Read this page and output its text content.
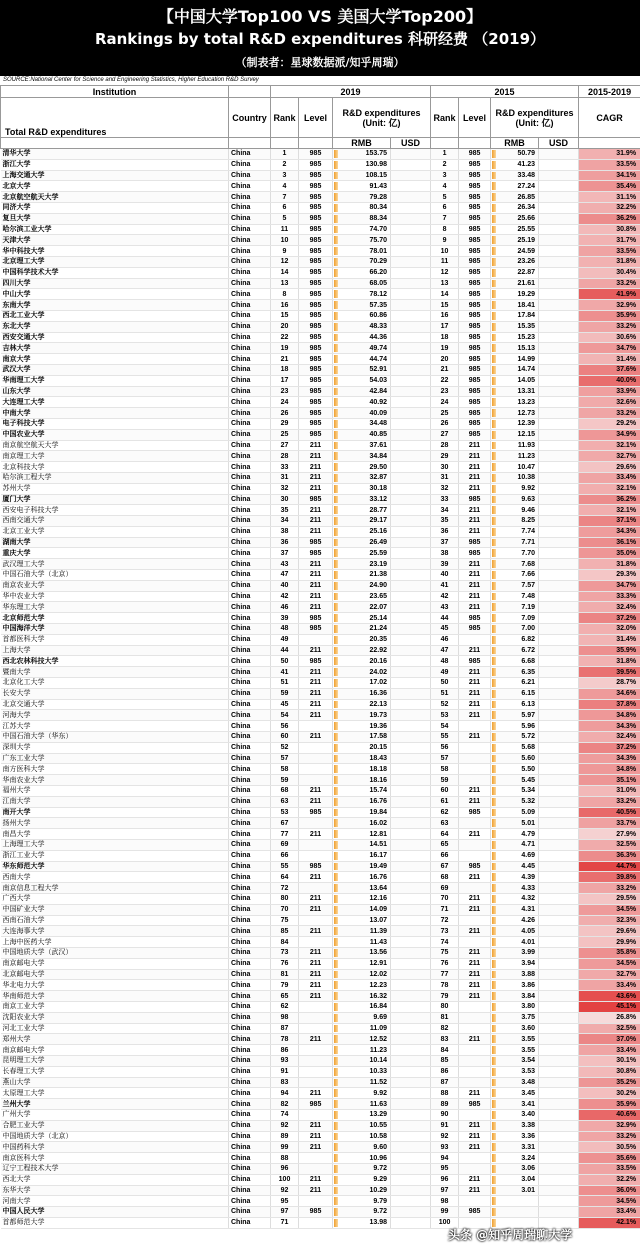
【中国大学Top100 VS 美国大学Top200】
Rankings by total R&D expenditures 科研经费 （2019）
（制表者：星球数据派/知乎周瑞）
SOURCE:National Center for Science and Engineering Statistics, Higher Education R&D Survey
Institution		2019				2015				2015-2019
Total R&D expenditures	Country	Rank	Level	R&D expenditures (Unit: 亿)		Rank	Level	R&D expenditures (Unit: 亿)		CAGR
				RMB	USD			RMB	USD	
清华大学	China	1	985	153.75		1	985	50.79		31.9%
浙江大学	China	2	985	130.98		2	985	41.23		33.5%
上海交通大学	China	3	985	108.15		3	985	33.48		34.1%
北京大学	China	4	985	91.43		4	985	27.24		35.4%
北京航空航天大学	China	7	985	79.28		5	985	26.85		31.1%
同济大学	China	6	985	80.34		6	985	26.34		32.2%
复旦大学	China	5	985	88.34		7	985	25.66		36.2%
哈尔滨工业大学	China	11	985	74.70		8	985	25.55		30.8%
天津大学	China	10	985	75.70		9	985	25.19		31.7%
华中科技大学	China	9	985	78.01		10	985	24.59		33.5%
北京理工大学	China	12	985	70.29		11	985	23.26		31.8%
中国科学技术大学	China	14	985	66.20		12	985	22.87		30.4%
四川大学	China	13	985	68.05		13	985	21.61		33.2%
中山大学	China	8	985	78.12		14	985	19.29		41.9%
东南大学	China	16	985	57.35		15	985	18.41		32.9%
西北工业大学	China	15	985	60.86		16	985	17.84		35.9%
东北大学	China	20	985	48.33		17	985	15.35		33.2%
西安交通大学	China	22	985	44.36		18	985	15.23		30.6%
吉林大学	China	19	985	49.74		19	985	15.13		34.7%
南京大学	China	21	985	44.74		20	985	14.99		31.4%
武汉大学	China	18	985	52.91		21	985	14.74		37.6%
华南理工大学	China	17	985	54.03		22	985	14.05		40.0%
山东大学	China	23	985	42.84		23	985	13.31		33.9%
大连理工大学	China	24	985	40.92		24	985	13.23		32.6%
中南大学	China	26	985	40.09		25	985	12.73		33.2%
电子科技大学	China	29	985	34.48		26	985	12.39		29.2%
中国农业大学	China	25	985	40.85		27	985	12.15		34.9%
南京航空航天大学	China	27	211	37.61		28	211	11.93		32.1%
南京理工大学	China	28	211	34.84		29	211	11.23		32.7%
北京科技大学	China	33	211	29.50		30	211	10.47		29.6%
哈尔滨工程大学	China	31	211	32.87		31	211	10.38		33.4%
苏州大学	China	32	211	30.18		32	211	9.92		32.1%
厦门大学	China	30	985	33.12		33	985	9.63		36.2%
西安电子科技大学	China	35	211	28.77		34	211	9.46		32.1%
西南交通大学	China	34	211	29.17		35	211	8.25		37.1%
北京工业大学	China	38	211	25.16		36	211	7.74		34.3%
湖南大学	China	36	985	26.49		37	985	7.71		36.1%
重庆大学	China	37	985	25.59		38	985	7.70		35.0%
武汉理工大学	China	43	211	23.19		39	211	7.68		31.8%
中国石油大学（北京）	China	47	211	21.38		40	211	7.66		29.3%
南京农业大学	China	40	211	24.90		41	211	7.57		34.7%
华中农业大学	China	42	211	23.65		42	211	7.48		33.3%
华东理工大学	China	46	211	22.07		43	211	7.19		32.4%
北京师范大学	China	39	985	25.14		44	985	7.09		37.2%
中国海洋大学	China	48	985	21.24		45	985	7.00		32.0%
首都医科大学	China	49		20.35		46		6.82		31.4%
上海大学	China	44	211	22.92		47	211	6.72		35.9%
西北农林科技大学	China	50	985	20.16		48	985	6.68		31.8%
暨南大学	China	41	211	24.02		49	211	6.35		39.5%
北京化工大学	China	51	211	17.02		50	211	6.21		28.7%
长安大学	China	59	211	16.36		51	211	6.15		34.6%
北京交通大学	China	45	211	22.13		52	211	6.13		37.8%
河海大学	China	54	211	19.73		53	211	5.97		34.8%
江苏大学	China	56		19.36		54		5.96		34.3%
中国石油大学（华东）	China	60	211	17.58		55	211	5.72		32.4%
深圳大学	China	52		20.15		56		5.68		37.2%
广东工业大学	China	57		18.43		57		5.60		34.3%
南方医科大学	China	58		18.18		58		5.50		34.8%
华南农业大学	China	59		18.16		59		5.45		35.1%
福州大学	China	68	211	15.74		60	211	5.34		31.0%
江南大学	China	63	211	16.76		61	211	5.32		33.2%
南开大学	China	53	985	19.84		62	985	5.09		40.5%
扬州大学	China	67		16.02		63		5.01		33.7%
南昌大学	China	77	211	12.81		64	211	4.79		27.9%
上海理工大学	China	69		14.51		65		4.71		32.5%
浙江工业大学	China	66		16.17		66		4.69		36.3%
华东师范大学	China	55	985	19.49		67	985	4.45		44.7%
西南大学	China	64	211	16.76		68	211	4.39		39.8%
南京信息工程大学	China	72		13.64		69		4.33		33.2%
广西大学	China	80	211	12.16		70	211	4.32		29.5%
中国矿业大学	China	70	211	14.09		71	211	4.31		34.5%
西南石油大学	China	75		13.07		72		4.26		32.3%
大连海事大学	China	85	211	11.39		73	211	4.05		29.6%
上海中医药大学	China	84		11.43		74		4.01		29.9%
中国地质大学（武汉）	China	73	211	13.56		75	211	3.99		35.8%
南京邮电大学	China	76	211	12.91		76	211	3.94		34.5%
北京邮电大学	China	81	211	12.02		77	211	3.88		32.7%
华北电力大学	China	79	211	12.23		78	211	3.86		33.4%
华南师范大学	China	65	211	16.32		79	211	3.84		43.6%
南京工业大学	China	62		16.84		80		3.80		45.1%
沈阳农业大学	China	98		9.69		81		3.75		26.8%
河北工业大学	China	87		11.09		82		3.60		32.5%
郑州大学	China	78	211	12.52		83	211	3.55		37.0%
南京邮电大学	China	86		11.23		84		3.55		33.4%
昆明理工大学	China	93		10.14		85		3.54		30.1%
长春理工大学	China	91		10.33		86		3.53		30.8%
燕山大学	China	83		11.52		87		3.48		35.2%
太原理工大学	China	94	211	9.92		88	211	3.45		30.2%
兰州大学	China	82	985	11.63		89	985	3.41		35.9%
广州大学	China	74		13.29		90		3.40		40.6%
合肥工业大学	China	92	211	10.55		91	211	3.38		32.9%
中国地质大学（北京）	China	89	211	10.58		92	211	3.36		33.2%
中国药科大学	China	99	211	9.60		93	211	3.31		30.5%
南京医科大学	China	88		10.96		94		3.24		35.6%
辽宁工程技术大学	China	96		9.72		95		3.06		33.5%
西北大学	China	100	211	9.29		96	211	3.04		32.2%
东华大学	China	92	211	10.29		97	211	3.01		36.0%
河南大学	China	95		9.79		98				34.5%
中国人民大学	China	97	985	9.72		99	985			33.4%
首都师范大学	China	71		13.98		100				42.1%
头条 @知乎周瑞聊大学
